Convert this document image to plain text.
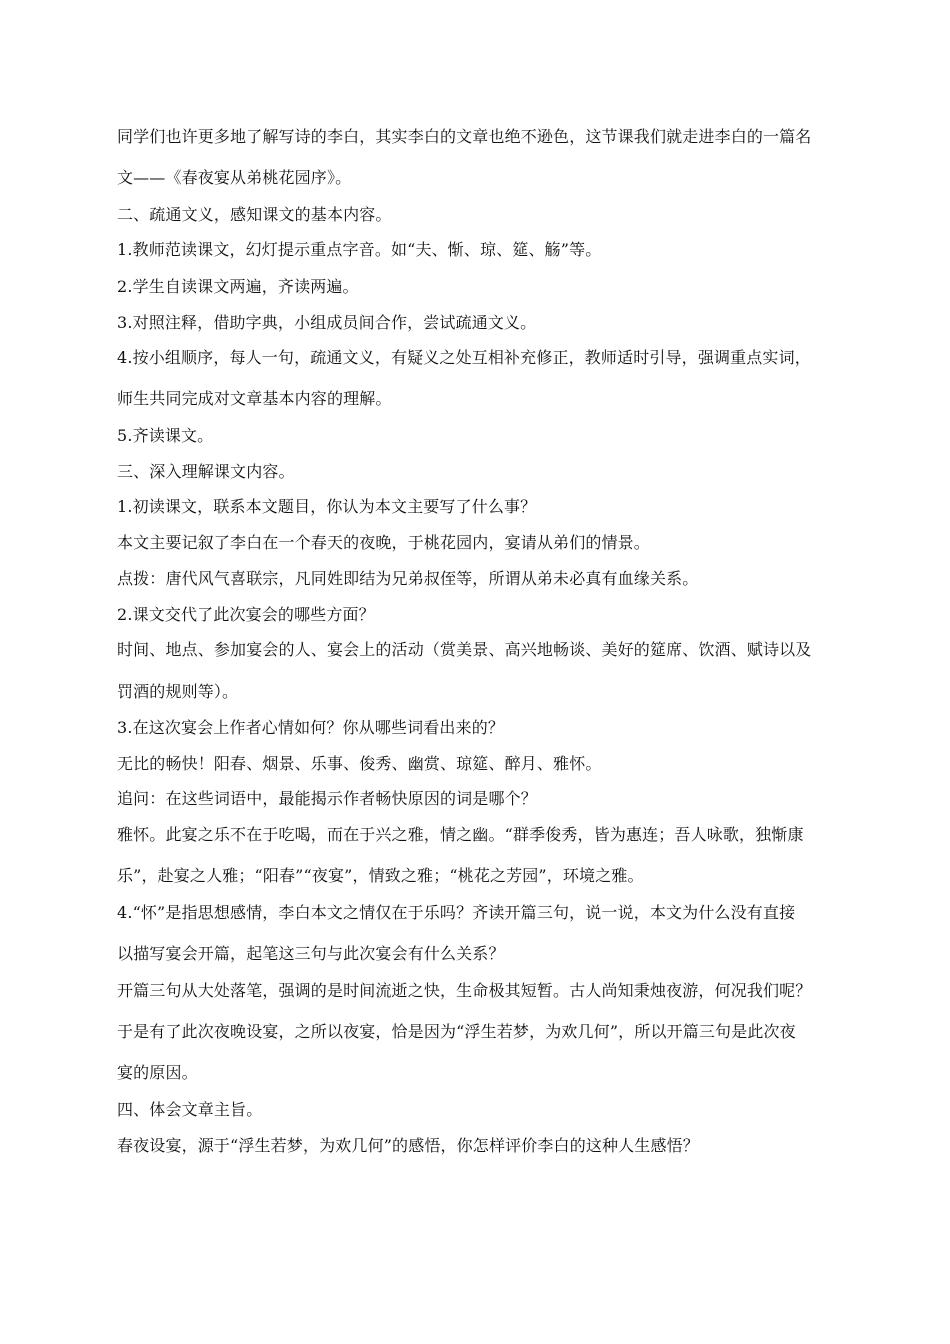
同学们也许更多地了解写诗的李白，其实李白的文章也绝不逊色，这节课我们就走进李白的一篇名
文——《春夜宴从弟桃花园序》。
二、疏通文义，感知课文的基本内容。
1.教师范读课文，幻灯提示重点字音。如“夫、惭、琼、筵、觞”等。
2.学生自读课文两遍，齐读两遍。
3.对照注释，借助字典，小组成员间合作，尝试疏通文义。
4.按小组顺序，每人一句，疏通文义，有疑义之处互相补充修正，教师适时引导，强调重点实词，
师生共同完成对文章基本内容的理解。
5.齐读课文。
三、深入理解课文内容。
1.初读课文，联系本文题目，你认为本文主要写了什么事？
本文主要记叙了李白在一个春天的夜晚，于桃花园内，宴请从弟们的情景。
点拨：唐代风气喜联宗，凡同姓即结为兄弟叔侄等，所谓从弟未必真有血缘关系。
2.课文交代了此次宴会的哪些方面？
时间、地点、参加宴会的人、宴会上的活动（赏美景、高兴地畅谈、美好的筵席、饮酒、赋诗以及
罚酒的规则等）。
3.在这次宴会上作者心情如何？你从哪些词看出来的？
无比的畅快！阳春、烟景、乐事、俊秀、幽赏、琼筵、醉月、雅怀。
追问：在这些词语中，最能揭示作者畅快原因的词是哪个？
雅怀。此宴之乐不在于吃喝，而在于兴之雅，情之幽。“群季俊秀，皆为惠连；吾人咏歌，独惭康
乐”，赴宴之人雅；“阳春”“夜宴”，情致之雅；“桃花之芳园”，环境之雅。
4.“怀”是指思想感情，李白本文之情仅在于乐吗？齐读开篇三句，说一说，本文为什么没有直接
以描写宴会开篇，起笔这三句与此次宴会有什么关系？
开篇三句从大处落笔，强调的是时间流逝之快，生命极其短暂。古人尚知秉烛夜游，何况我们呢？
于是有了此次夜晚设宴，之所以夜宴，恰是因为“浮生若梦，为欢几何”，所以开篇三句是此次夜
宴的原因。
四、体会文章主旨。
春夜设宴，源于“浮生若梦，为欢几何”的感悟，你怎样评价李白的这种人生感悟？
